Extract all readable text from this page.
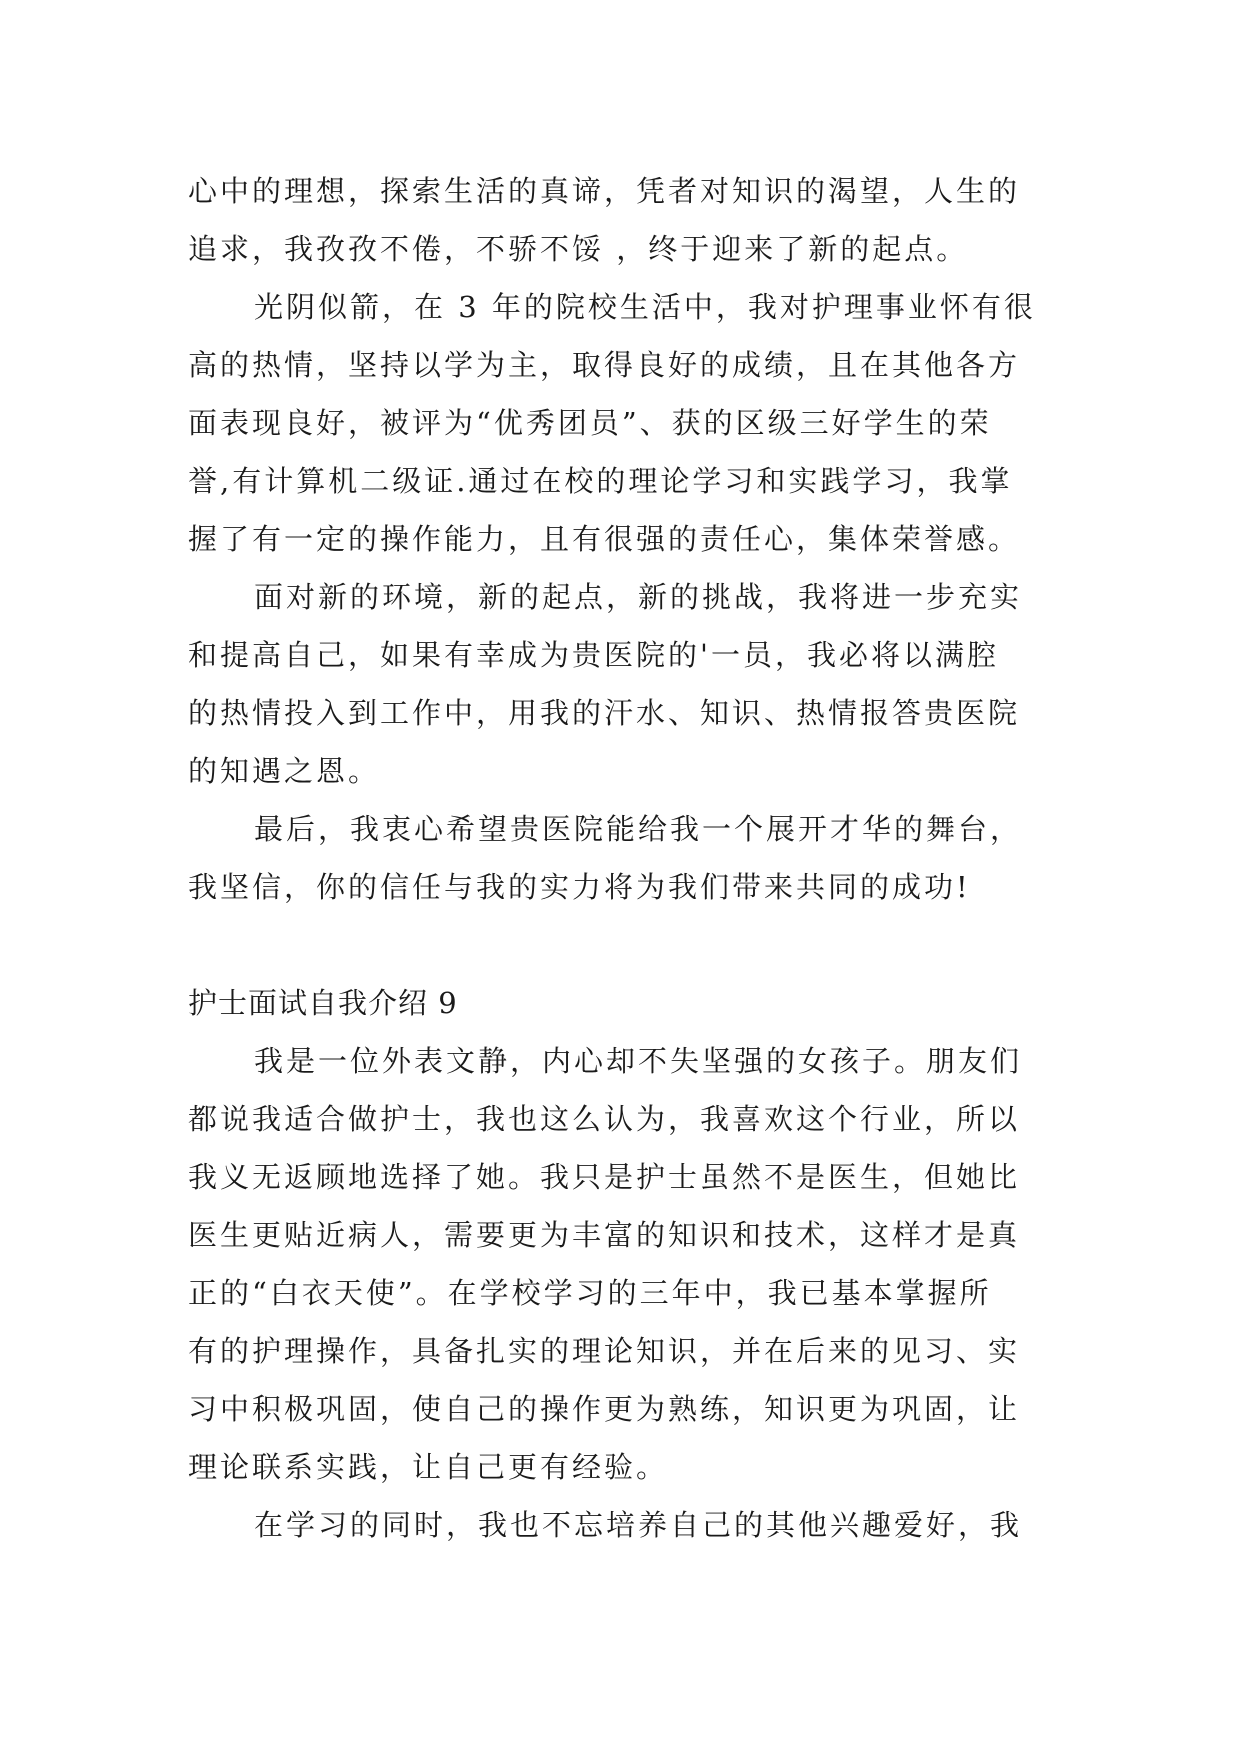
心中的理想，探索生活的真谛，凭者对知识的渴望，人生的
追求，我孜孜不倦，不骄不馁 ，终于迎来了新的起点。
光阴似箭，在 3 年的院校生活中，我对护理事业怀有很
高的热情，坚持以学为主，取得良好的成绩，且在其他各方
面表现良好，被评为“优秀团员”、获的区级三好学生的荣
誉,有计算机二级证.通过在校的理论学习和实践学习，我掌
握了有一定的操作能力，且有很强的责任心，集体荣誉感。
面对新的环境，新的起点，新的挑战，我将进一步充实
和提高自己，如果有幸成为贵医院的'一员，我必将以满腔
的热情投入到工作中，用我的汗水、知识、热情报答贵医院
的知遇之恩。
最后，我衷心希望贵医院能给我一个展开才华的舞台，
我坚信，你的信任与我的实力将为我们带来共同的成功!
护士面试自我介绍 9
我是一位外表文静，内心却不失坚强的女孩子。朋友们
都说我适合做护士，我也这么认为，我喜欢这个行业，所以
我义无返顾地选择了她。我只是护士虽然不是医生，但她比
医生更贴近病人，需要更为丰富的知识和技术，这样才是真
正的“白衣天使”。在学校学习的三年中，我已基本掌握所
有的护理操作，具备扎实的理论知识，并在后来的见习、实
习中积极巩固，使自己的操作更为熟练，知识更为巩固，让
理论联系实践，让自己更有经验。
在学习的同时，我也不忘培养自己的其他兴趣爱好，我
